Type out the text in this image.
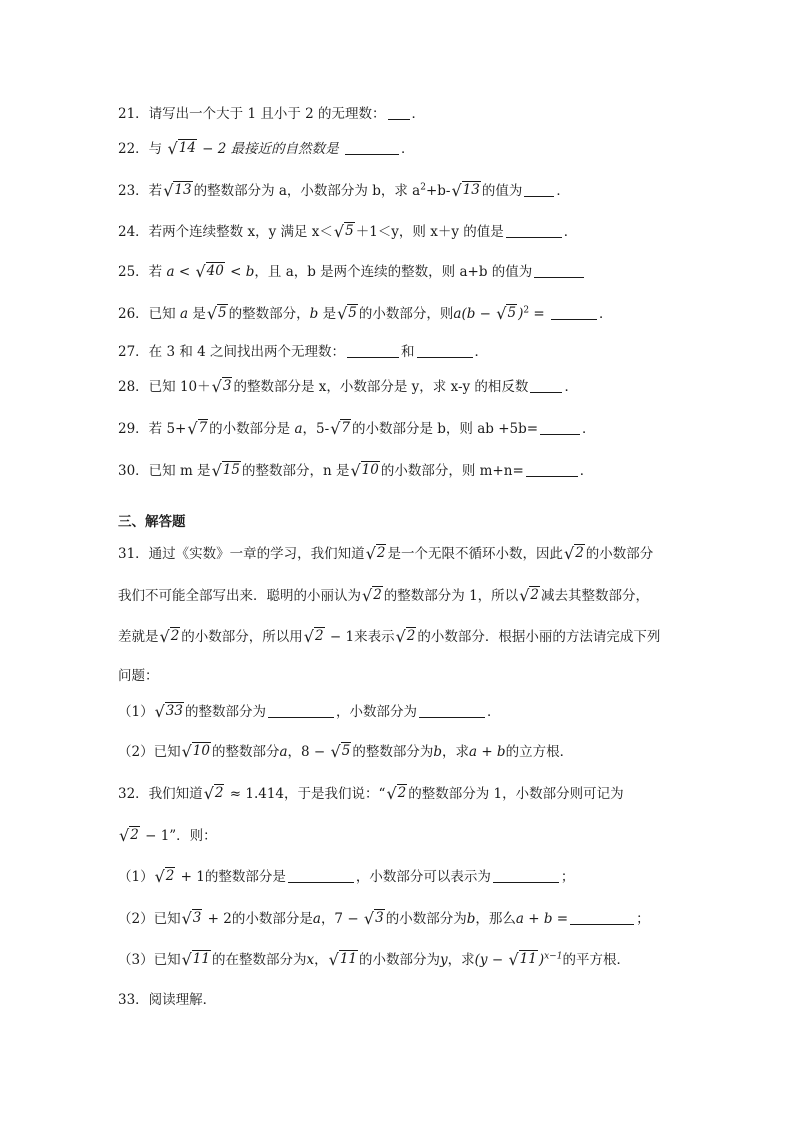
21．请写出一个大于 1 且小于 2 的无理数： ．
22．与 √ 14 − 2 最接近的自然数是	．
23．若 √ 13 的整数部分为 a，小数部分为 b，求 $a^2+b-$ √ 13 的值为	．
24．若两个连续整数 x，y 满足 x＜ √ 5 ＋1＜y，则 x＋y 的值是	．
25．若 a < √ 40 < b，且 a，b 是两个连续的整数，则 a+b 的值为
26．已知 a 是 √ 5 的整数部分，b 是 √ 5 的小数部分，则a(b − √ 5 )$^2$ =	．
27．在 3 和 4 之间找出两个无理数：	和	．
28．已知 10＋ √ 3 的整数部分是 x，小数部分是 y，求 x-y 的相反数	．
29．若 5+ √ 7 的小数部分是 a，5- √ 7 的小数部分是 b，则 ab +5b=	．
30．已知 m 是 √ 15 的整数部分，n 是 √ 10 的小数部分，则 m+n=	．
三、解答题
31．通过《实数》一章的学习，我们知道 √ 2 是一个无限不循环小数，因此 √ 2 的小数部分
我们不可能全部写出来．聪明的小丽认为 √ 2 的整数部分为 1，所以 √ 2 减去其整数部分，
差就是 √ 2 的小数部分，所以用 √ 2 − 1来表示 √ 2 的小数部分．根据小丽的方法请完成下列
问题：
（1） √ 33 的整数部分为	，小数部分为	．
（2）已知 √ 10 的整数部分a，8 − √ 5 的整数部分为b，求a + b的立方根．
32．我们知道 √ 2 ≈ 1.414，于是我们说：“ √ 2 的整数部分为 1，小数部分则可记为
√ 2 − 1”．则：
（1） √ 2 + 1的整数部分是	，小数部分可以表示为	；
（2）已知 √ 3 + 2的小数部分是a，7 − √ 3 的小数部分为b，那么a + b =	；
（3）已知 √ 11 的在整数部分为x， √ 11 的小数部分为y，求(y − √ 11 )$^{x-1}$的平方根．
33．阅读理解．
